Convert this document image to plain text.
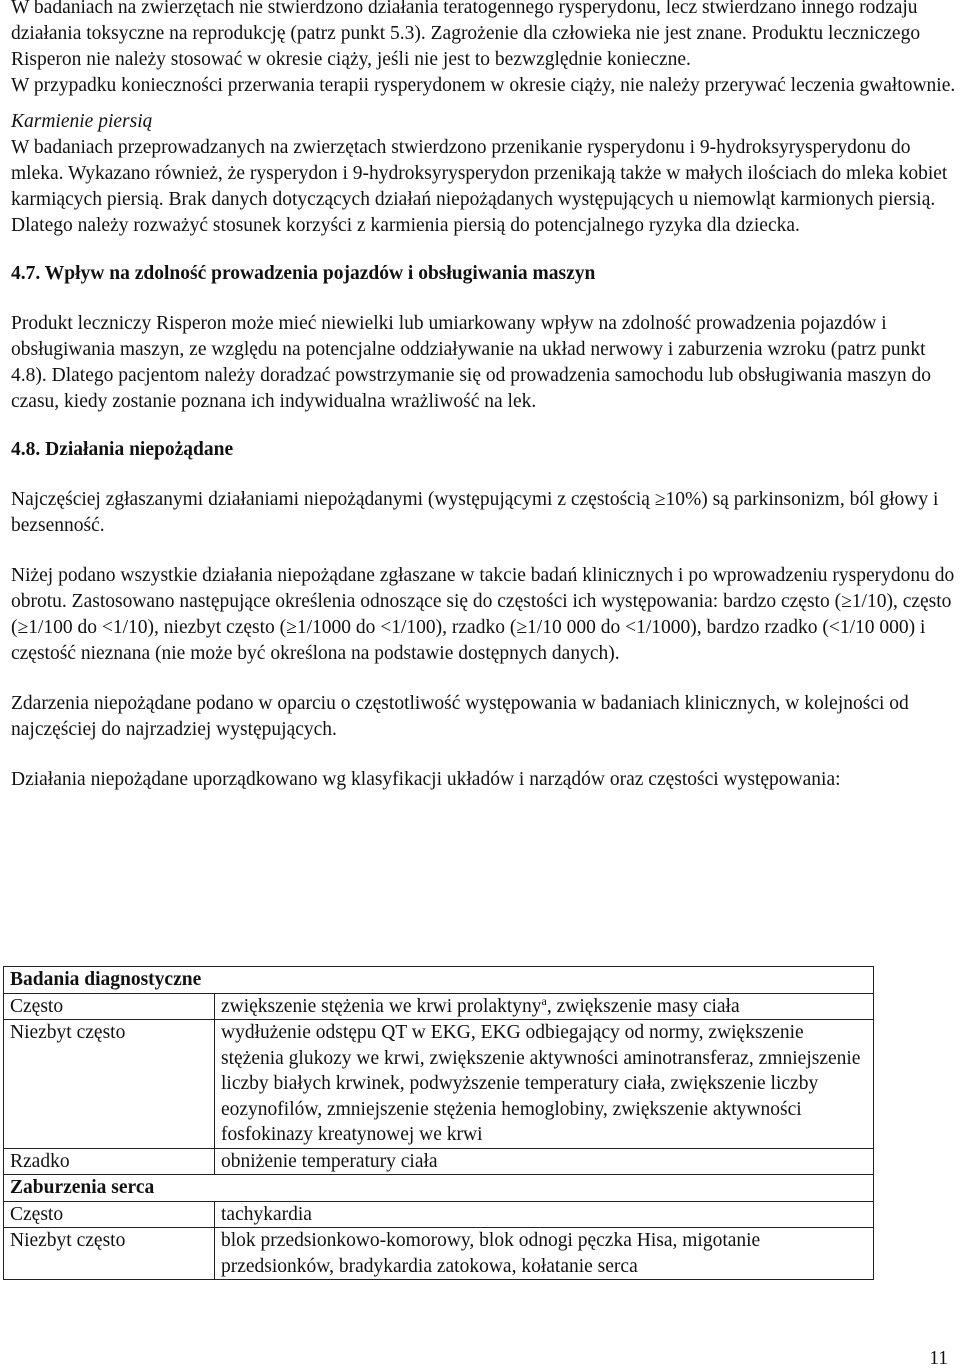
W badaniach na zwierzętach nie stwierdzono działania teratogennego rysperydonu, lecz stwierdzano innego rodzaju działania toksyczne na reprodukcję (patrz punkt 5.3). Zagrożenie dla człowieka nie jest znane. Produktu leczniczego Risperon nie należy stosować w okresie ciąży, jeśli nie jest to bezwzględnie konieczne.

W przypadku konieczności przerwania terapii rysperydonem w okresie ciąży, nie należy przerywać leczenia gwałtownie.

Karmienie piersią

W badaniach przeprowadzanych na zwierzętach stwierdzono przenikanie rysperydonu i 9-hydroksyrysperydonu do mleka. Wykazano również, że rysperydon i 9-hydroksyrysperydon przenikają także w małych ilościach do mleka kobiet karmiących piersią. Brak danych dotyczących działań niepożądanych występujących u niemowląt karmionych piersią. Dlatego należy rozważyć stosunek korzyści z karmienia piersią do potencjalnego ryzyka dla dziecka.

4.7. Wpływ na zdolność prowadzenia pojazdów i obsługiwania maszyn

Produkt leczniczy Risperon może mieć niewielki lub umiarkowany wpływ na zdolność prowadzenia pojazdów i obsługiwania maszyn, ze względu na potencjalne oddziaływanie na układ nerwowy i zaburzenia wzroku (patrz punkt 4.8). Dlatego pacjentom należy doradzać powstrzymanie się od prowadzenia samochodu lub obsługiwania maszyn do czasu, kiedy zostanie poznana ich indywidualna wrażliwość na lek.

4.8. Działania niepożądane

Najczęściej zgłaszanymi działaniami niepożądanymi (występującymi z częstością ≥10%) są parkinsonizm, ból głowy i bezsenność.

Niżej podano wszystkie działania niepożądane zgłaszane w takcie badań klinicznych i po wprowadzeniu rysperydonu do obrotu. Zastosowano następujące określenia odnoszące się do częstości ich występowania: bardzo często (≥1/10), często (≥1/100 do <1/10), niezbyt często (≥1/1000 do <1/100), rzadko (≥1/10 000 do <1/1000), bardzo rzadko (<1/10 000) i częstość nieznana (nie może być określona na podstawie dostępnych danych).

Zdarzenia niepożądane podano w oparciu o częstotliwość występowania w badaniach klinicznych, w kolejności od najczęściej do najrzadziej występujących.

Działania niepożądane uporządkowano wg klasyfikacji układów i narządów oraz częstości występowania:

Badania diagnostyczne	
Często	zwiększenie stężenia we krwi prolaktyny$^a$, zwiększenie masy ciała
Niezbyt często	wydłużenie odstępu QT w EKG, EKG odbiegający od normy, zwiększenie stężenia glukozy we krwi, zwiększenie aktywności aminotransferaz, zmniejszenie liczby białych krwinek, podwyższenie temperatury ciała, zwiększenie liczby eozynofilów, zmniejszenie stężenia hemoglobiny, zwiększenie aktywności fosfokinazy kreatynowej we krwi
Rzadko	obniżenie temperatury ciała
Zaburzenia serca	
Często	tachykardia
Niezbyt często	blok przedsionkowo-komorowy, blok odnogi pęczka Hisa, migotanie przedsionków, bradykardia zatokowa, kołatanie serca
11
